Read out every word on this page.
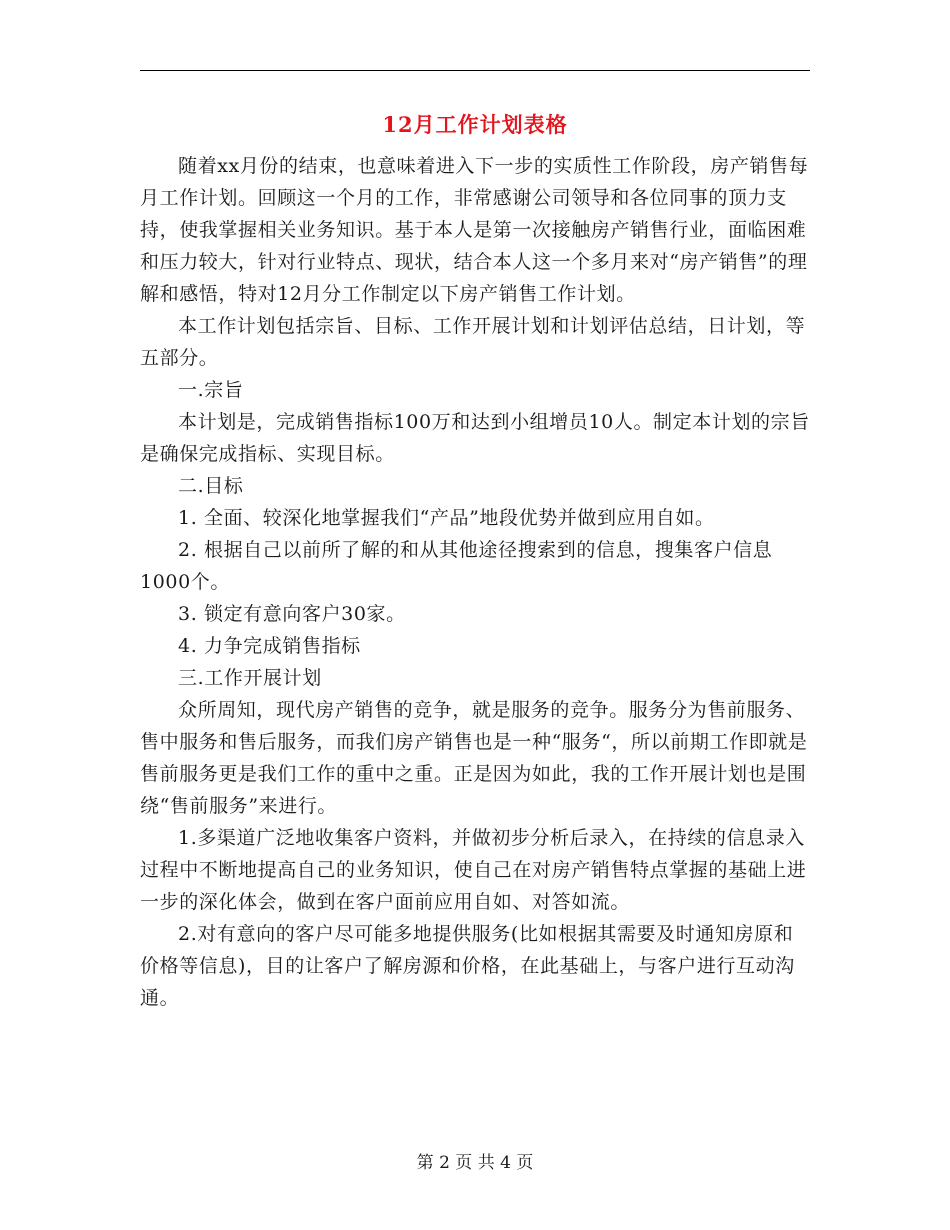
12月工作计划表格

随着xx月份的结束，也意味着进入下一步的实质性工作阶段，房产销售每月工作计划。回顾这一个月的工作，非常感谢公司领导和各位同事的顶力支持，使我掌握相关业务知识。基于本人是第一次接触房产销售行业，面临困难和压力较大，针对行业特点、现状，结合本人这一个多月来对“房产销售”的理解和感悟，特对12月分工作制定以下房产销售工作计划。

本工作计划包括宗旨、目标、工作开展计划和计划评估总结，日计划，等五部分。

一.宗旨

本计划是，完成销售指标100万和达到小组增员10人。制定本计划的宗旨是确保完成指标、实现目标。

二.目标

1. 全面、较深化地掌握我们“产品”地段优势并做到应用自如。

2. 根据自己以前所了解的和从其他途径搜索到的信息，搜集客户信息1000个。

3. 锁定有意向客户30家。

4. 力争完成销售指标

三.工作开展计划

众所周知，现代房产销售的竞争，就是服务的竞争。服务分为售前服务、售中服务和售后服务，而我们房产销售也是一种“服务“，所以前期工作即就是售前服务更是我们工作的重中之重。正是因为如此，我的工作开展计划也是围绕“售前服务”来进行。

1.多渠道广泛地收集客户资料，并做初步分析后录入，在持续的信息录入过程中不断地提高自己的业务知识，使自己在对房产销售特点掌握的基础上进一步的深化体会，做到在客户面前应用自如、对答如流。

2.对有意向的客户尽可能多地提供服务(比如根据其需要及时通知房原和价格等信息)，目的让客户了解房源和价格，在此基础上，与客户进行互动沟通。

第 2 页 共 4 页
